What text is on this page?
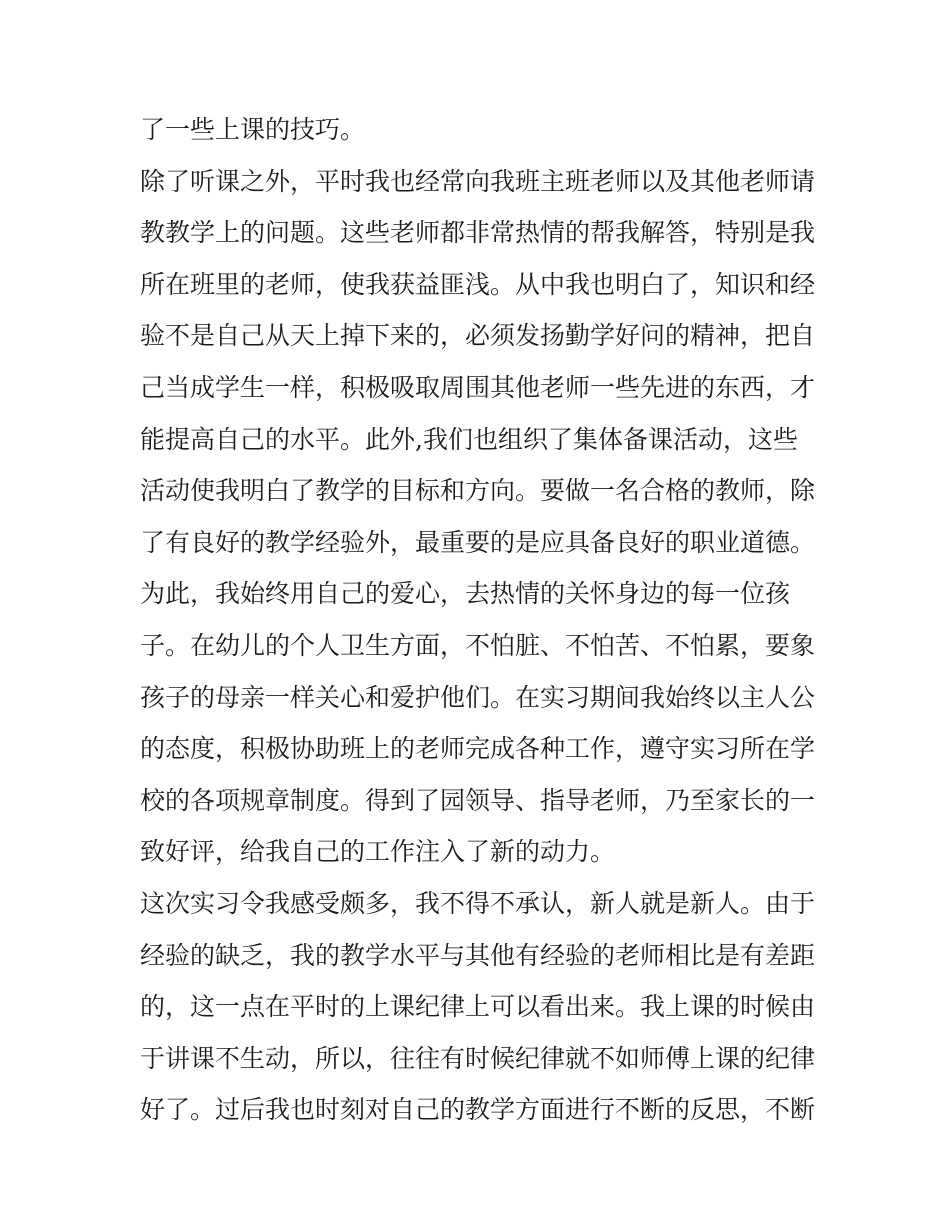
了一些上课的技巧。
除了听课之外，平时我也经常向我班主班老师以及其他老师请
教教学上的问题。这些老师都非常热情的帮我解答，特别是我
所在班里的老师，使我获益匪浅。从中我也明白了，知识和经
验不是自己从天上掉下来的，必须发扬勤学好问的精神，把自
己当成学生一样，积极吸取周围其他老师一些先进的东西，才
能提高自己的水平。此外,我们也组织了集体备课活动，这些
活动使我明白了教学的目标和方向。要做一名合格的教师，除
了有良好的教学经验外，最重要的是应具备良好的职业道德。
为此，我始终用自己的爱心，去热情的关怀身边的每一位孩
子。在幼儿的个人卫生方面，不怕脏、不怕苦、不怕累，要象
孩子的母亲一样关心和爱护他们。在实习期间我始终以主人公
的态度，积极协助班上的老师完成各种工作，遵守实习所在学
校的各项规章制度。得到了园领导、指导老师，乃至家长的一
致好评，给我自己的工作注入了新的动力。
这次实习令我感受颇多，我不得不承认，新人就是新人。由于
经验的缺乏，我的教学水平与其他有经验的老师相比是有差距
的，这一点在平时的上课纪律上可以看出来。我上课的时候由
于讲课不生动，所以，往往有时候纪律就不如师傅上课的纪律
好了。过后我也时刻对自己的教学方面进行不断的反思，不断
